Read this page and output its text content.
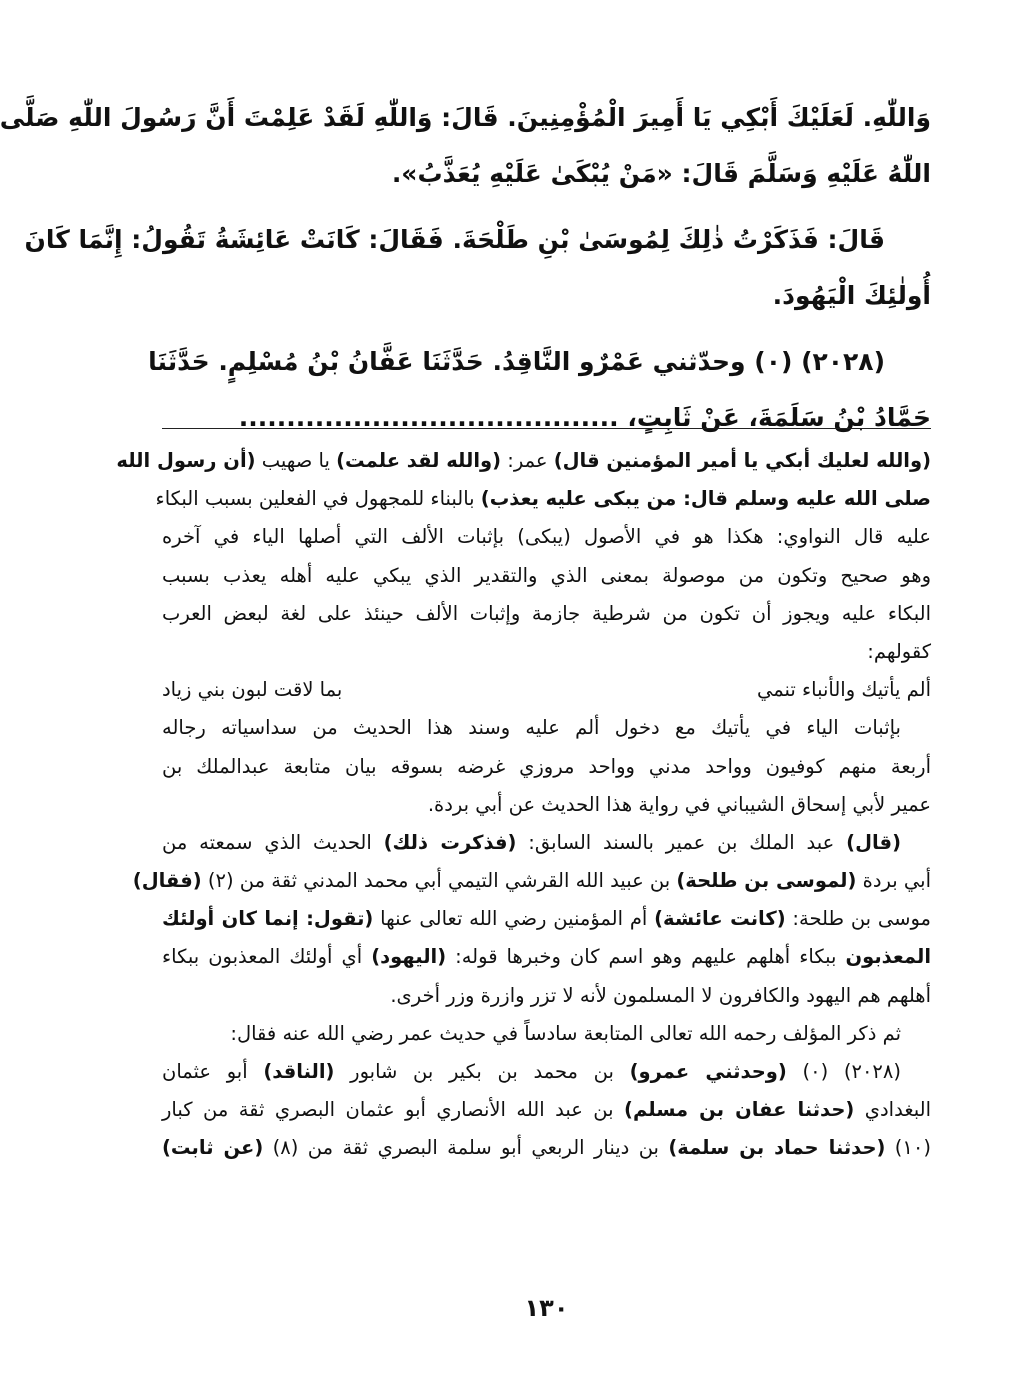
وَاللّٰهِ. لَعَلَيْكَ أَبْكِي يَا أَمِيرَ الْمُؤْمِنِينَ. قَالَ: وَاللّٰهِ لَقَدْ عَلِمْتَ أَنَّ رَسُولَ اللّٰهِ صَلَّى
اللّٰهُ عَلَيْهِ وَسَلَّمَ قَالَ: «مَنْ يُبْكَىٰ عَلَيْهِ يُعَذَّبُ».
قَالَ: فَذَكَرْتُ ذٰلِكَ لِمُوسَىٰ بْنِ طَلْحَةَ. فَقَالَ: كَانَتْ عَائِشَةُ تَقُولُ: إِنَّمَا كَانَ
أُولٰئِكَ الْيَهُودَ.
(٢٠٢٨) (٠) وحدّثني عَمْرٌو النَّاقِدُ. حَدَّثَنَا عَفَّانُ بْنُ مُسْلِمٍ. حَدَّثَنَا
حَمَّادُ بْنُ سَلَمَةَ، عَنْ ثَابِتٍ، ........................................
(والله لعليك أبكي يا أمير المؤمنين قال) عمر: (والله لقد علمت) يا صهيب (أن رسول الله
صلى الله عليه وسلم قال: من يبكى عليه يعذب) بالبناء للمجهول في الفعلين بسبب البكاء
عليه قال النواوي: هكذا هو في الأصول (يبكى) بإثبات الألف التي أصلها الياء في آخره
وهو صحيح وتكون من موصولة بمعنى الذي والتقدير الذي يبكي عليه أهله يعذب بسبب
البكاء عليه ويجوز أن تكون من شرطية جازمة وإثبات الألف حينئذ على لغة لبعض العرب
كقولهم:
ألم يأتيك والأنباء تنمي
بما لاقت لبون بني زياد
بإثبات الياء في يأتيك مع دخول ألم عليه وسند هذا الحديث من سداسياته رجاله
أربعة منهم كوفيون وواحد مدني وواحد مروزي غرضه بسوقه بيان متابعة عبدالملك بن
عمير لأبي إسحاق الشيباني في رواية هذا الحديث عن أبي بردة.
(قال) عبد الملك بن عمير بالسند السابق: (فذكرت ذلك) الحديث الذي سمعته من
أبي بردة (لموسى بن طلحة) بن عبيد الله القرشي التيمي أبي محمد المدني ثقة من (٢) (فقال)
موسى بن طلحة: (كانت عائشة) أم المؤمنين رضي الله تعالى عنها (تقول: إنما كان أولئك
المعذبون ببكاء أهلهم عليهم وهو اسم كان وخبرها قوله: (اليهود) أي أولئك المعذبون ببكاء
أهلهم هم اليهود والكافرون لا المسلمون لأنه لا تزر وازرة وزر أخرى.
ثم ذكر المؤلف رحمه الله تعالى المتابعة سادساً في حديث عمر رضي الله عنه فقال:
(٢٠٢٨) (٠) (وحدثني عمرو) بن محمد بن بكير بن شابور (الناقد) أبو عثمان
البغدادي (حدثنا عفان بن مسلم) بن عبد الله الأنصاري أبو عثمان البصري ثقة من كبار
(١٠) (حدثنا حماد بن سلمة) بن دينار الربعي أبو سلمة البصري ثقة من (٨) (عن ثابت)
١٣٠
